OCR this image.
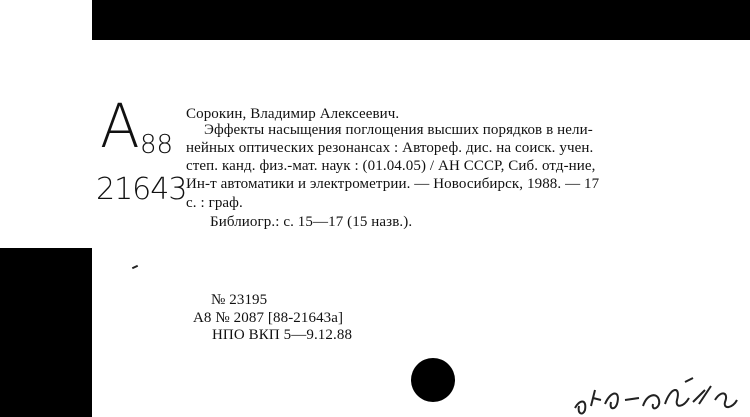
А 88
21643
Сорокин, Владимир Алексеевич.
Эффекты насыщения поглощения высших порядков в нели-
нейных оптических резонансах : Автореф. дис. на соиск. учен.
степ. канд. физ.-мат. наук : (01.04.05) / АН СССР, Сиб. отд-ние,
Ин-т автоматики и электрометрии. — Новосибирск, 1988. — 17
с. : граф.
Библиогр.: с. 15—17 (15 назв.).
№ 23195
А8 № 2087 [88-21643а]
НПО ВКП 5—9.12.88
